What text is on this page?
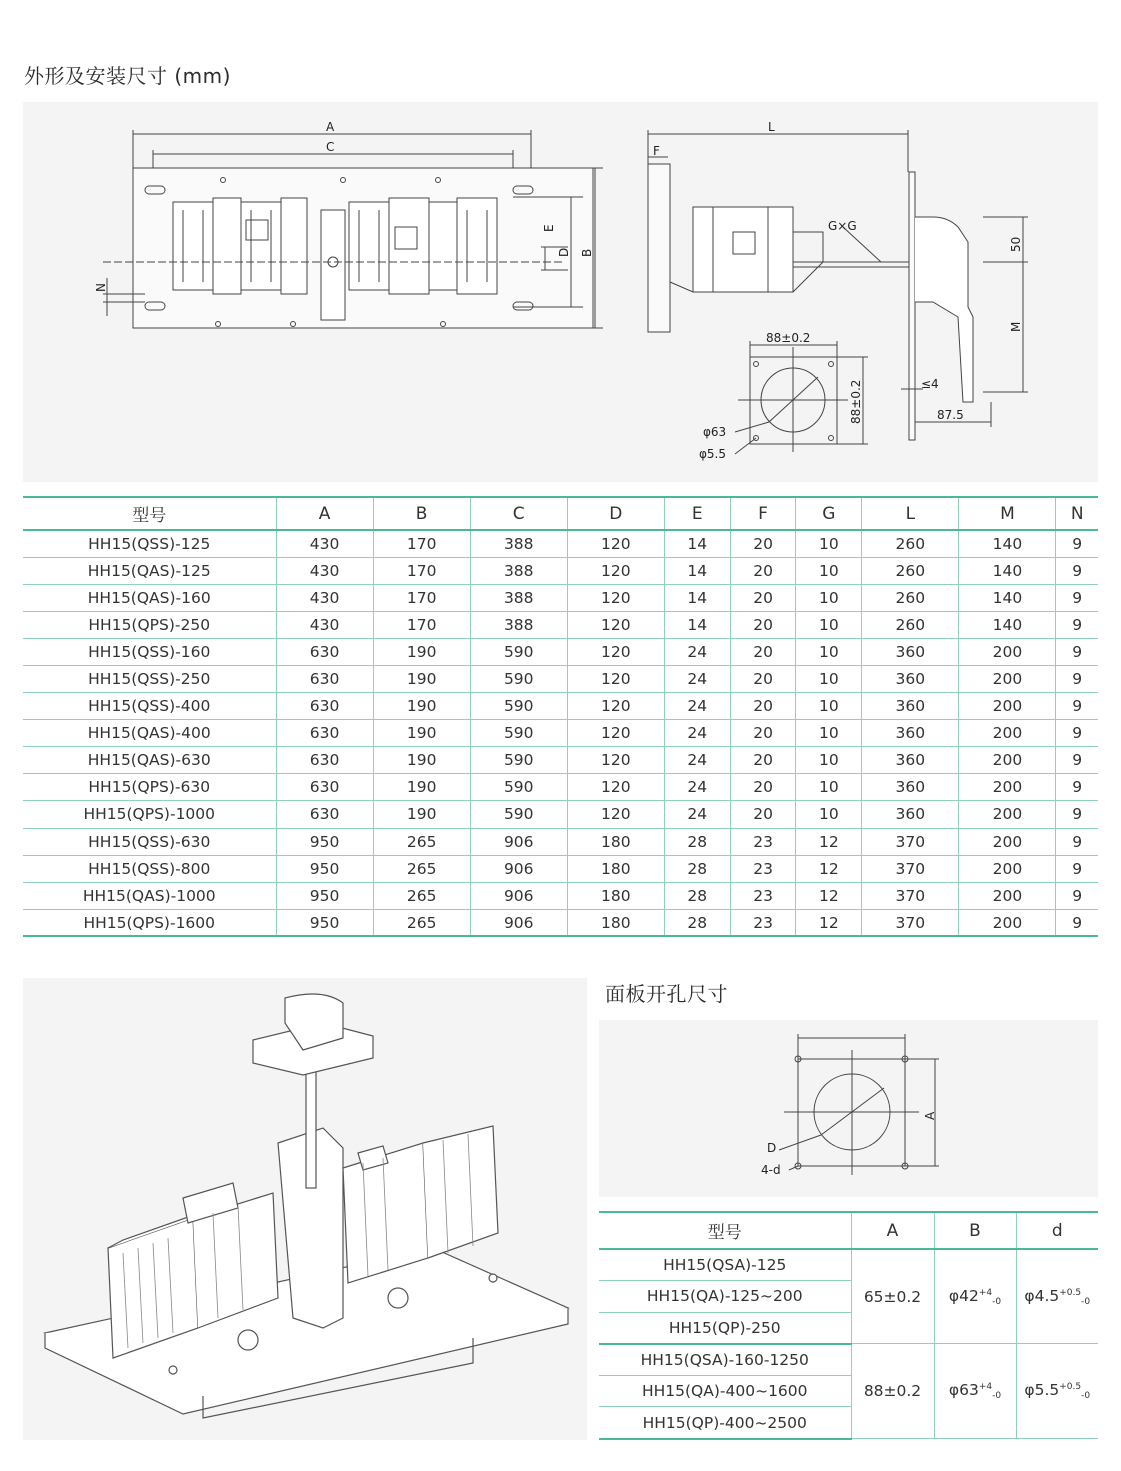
外形及安装尺寸 (mm)
A
C
E
D B
N
L
F
G×G
50
M
≤4
87.5
88±0.2
88±0.2
φ63
φ5.5
型号	A	B	C	D	E	F	G	L	M	N
HH15(QSS)-125	430	170	388	120	14	20	10	260	140	9
HH15(QAS)-125	430	170	388	120	14	20	10	260	140	9
HH15(QAS)-160	430	170	388	120	14	20	10	260	140	9
HH15(QPS)-250	430	170	388	120	14	20	10	260	140	9
HH15(QSS)-160	630	190	590	120	24	20	10	360	200	9
HH15(QSS)-250	630	190	590	120	24	20	10	360	200	9
HH15(QSS)-400	630	190	590	120	24	20	10	360	200	9
HH15(QAS)-400	630	190	590	120	24	20	10	360	200	9
HH15(QAS)-630	630	190	590	120	24	20	10	360	200	9
HH15(QPS)-630	630	190	590	120	24	20	10	360	200	9
HH15(QPS)-1000	630	190	590	120	24	20	10	360	200	9
HH15(QSS)-630	950	265	906	180	28	23	12	370	200	9
HH15(QSS)-800	950	265	906	180	28	23	12	370	200	9
HH15(QAS)-1000	950	265	906	180	28	23	12	370	200	9
HH15(QPS)-1600	950	265	906	180	28	23	12	370	200	9
面板开孔尺寸
A
D
4-d
型号	A	B	d
HH15(QSA)-125	65±0.2	$\varphi 42^{+4}_{-0}$	$\varphi 4.5^{+0.5}_{-0}$
HH15(QA)-125~200			
HH15(QP)-250			
HH15(QSA)-160-1250	88±0.2	$\varphi 63^{+4}_{-0}$	$\varphi 5.5^{+0.5}_{-0}$
HH15(QA)-400~1600			
HH15(QP)-400~2500			
